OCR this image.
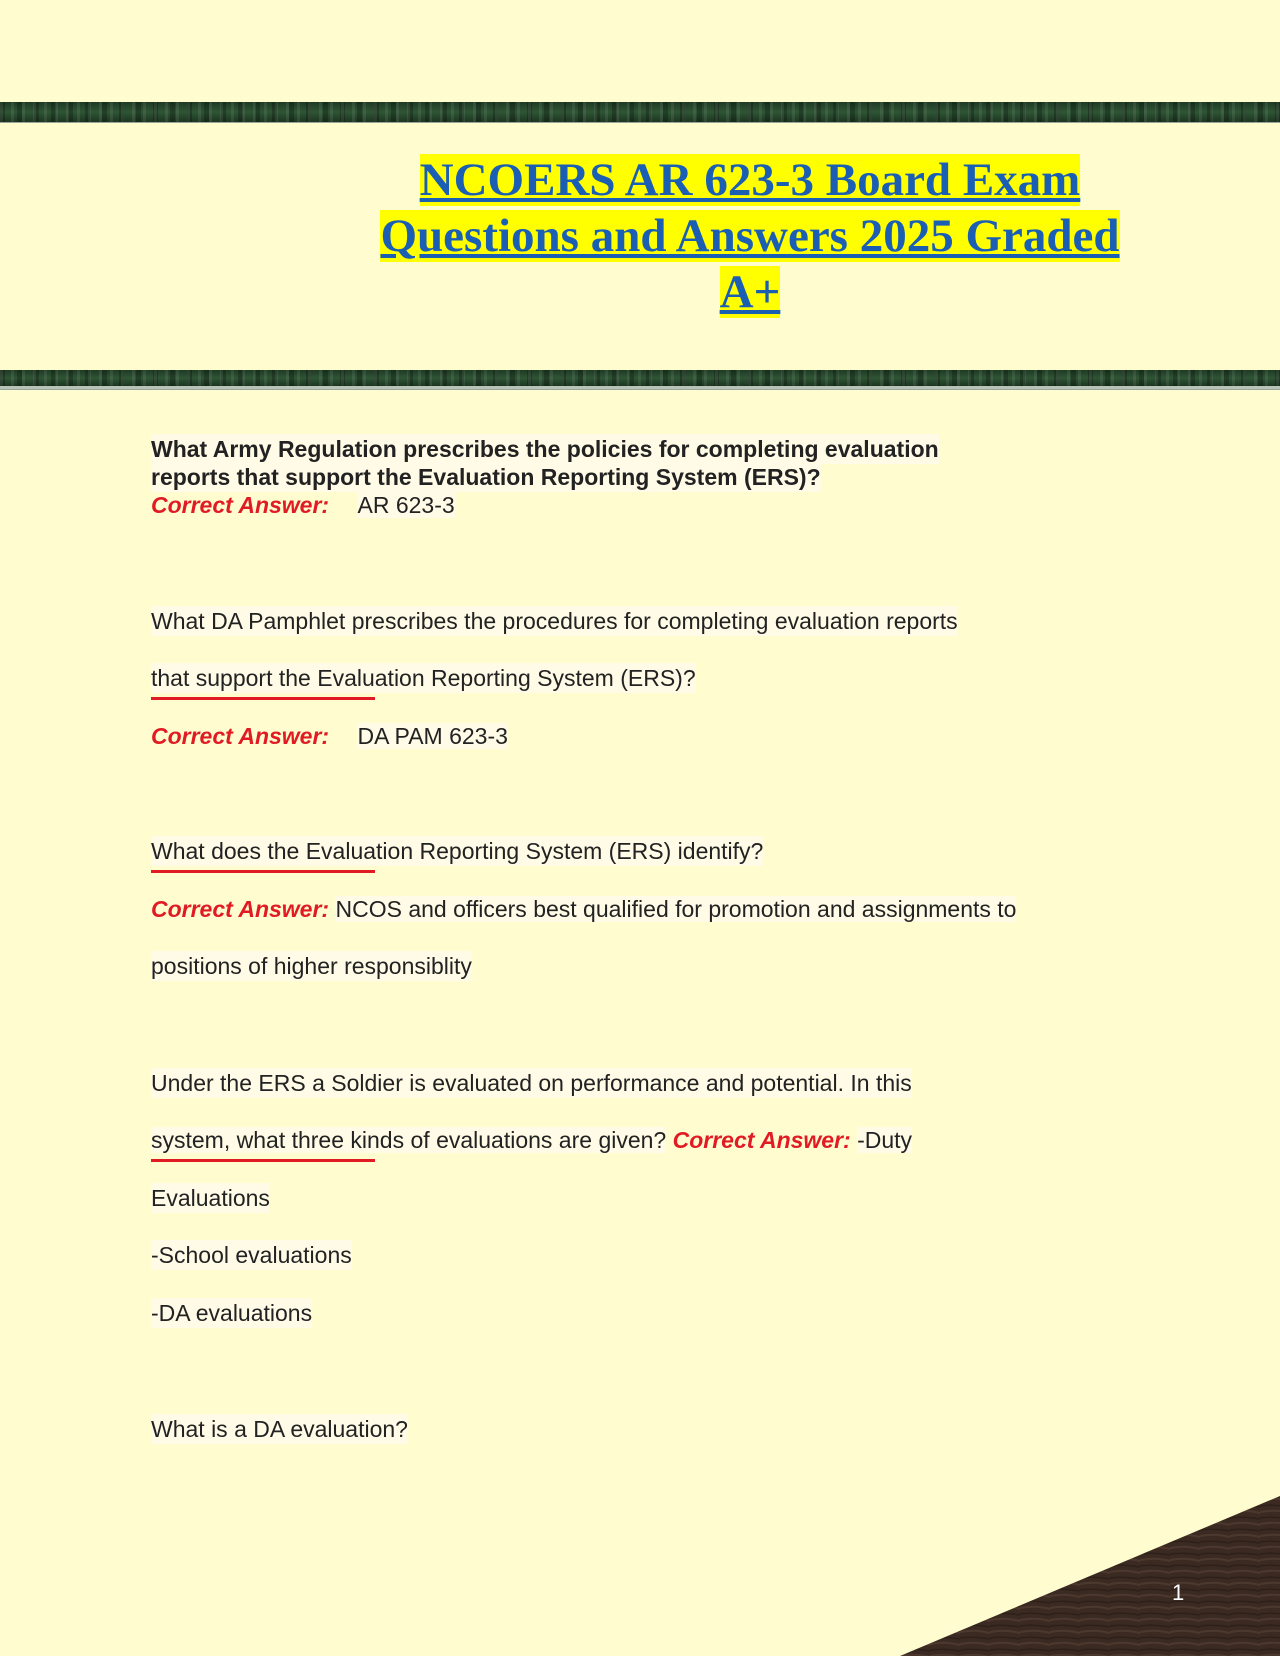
NCOERS AR 623-3 Board Exam
Questions and Answers 2025 Graded
A+
What Army Regulation prescribes the policies for completing evaluation
reports that support the Evaluation Reporting System (ERS)?
Correct Answer: AR 623-3
What DA Pamphlet prescribes the procedures for completing evaluation reports
that support the Evaluation Reporting System (ERS)?
Correct Answer: DA PAM 623-3
What does the Evaluation Reporting System (ERS) identify?
Correct Answer: NCOS and officers best qualified for promotion and assignments to
positions of higher responsiblity
Under the ERS a Soldier is evaluated on performance and potential. In this
system, what three kinds of evaluations are given? Correct Answer: -Duty
Evaluations
-School evaluations
-DA evaluations
What is a DA evaluation?
1
